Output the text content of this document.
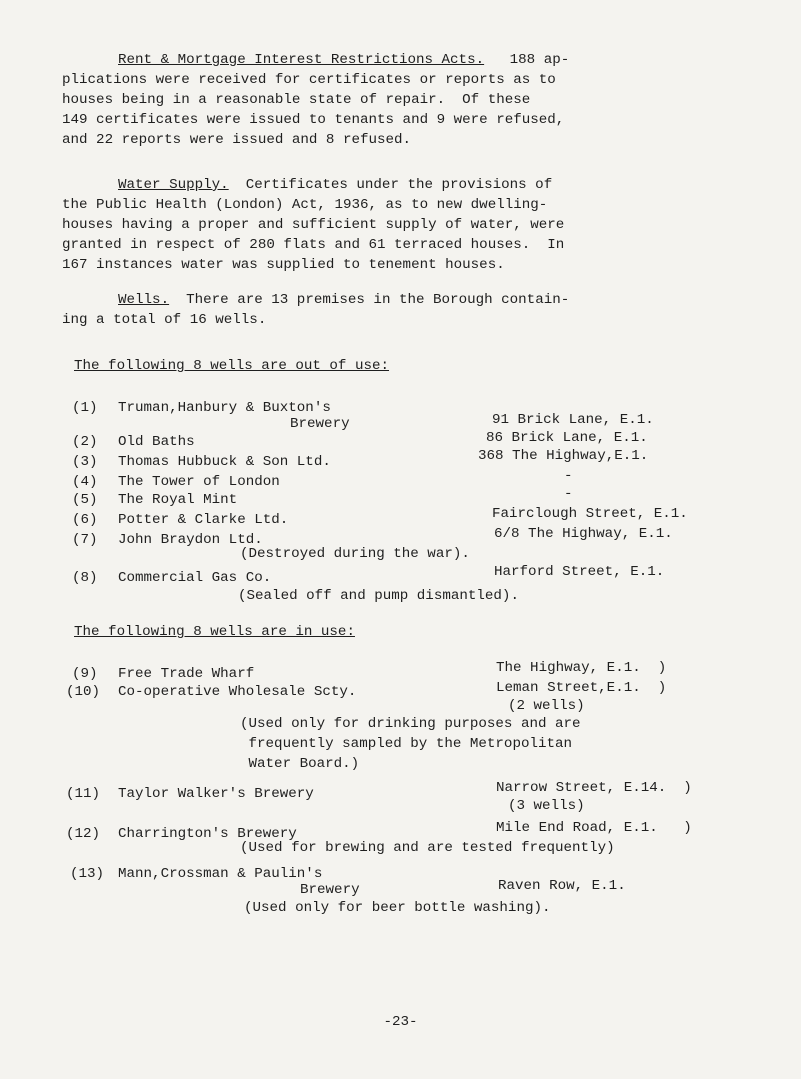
Rent & Mortgage Interest Restrictions Acts. 188 ap-
plications were received for certificates or reports as to
houses being in a reasonable state of repair.  Of these
149 certificates were issued to tenants and 9 were refused,
and 22 reports were issued and 8 refused.
Water Supply.  Certificates under the provisions of
the Public Health (London) Act, 1936, as to new dwelling-
houses having a proper and sufficient supply of water, were
granted in respect of 280 flats and 61 terraced houses.  In
167 instances water was supplied to tenement houses.
Wells.  There are 13 premises in the Borough contain-
ing a total of 16 wells.
The following 8 wells are out of use:
(1) Truman,Hanbury & Buxton's
Brewery	91 Brick Lane, E.1.
(2) Old Baths	86 Brick Lane, E.1.
(3) Thomas Hubbuck & Son Ltd.	368 The Highway,E.1.
(4) The Tower of London	-
(5) The Royal Mint	-
(6) Potter & Clarke Ltd.	Fairclough Street, E.1.
(7) John Braydon Ltd.	6/8 The Highway, E.1.
(Destroyed during the war).
(8) Commercial Gas Co.	Harford Street, E.1.
(Sealed off and pump dismantled).
The following 8 wells are in use:
(9) Free Trade Wharf	The Highway, E.1.  )
(10) Co-operative Wholesale Scty.	Leman Street,E.1.  )
(2 wells)
(Used only for drinking purposes and are
frequently sampled by the Metropolitan
Water Board.)
(11) Taylor Walker's Brewery	Narrow Street, E.14.  )
(3 wells)
(12) Charrington's Brewery	Mile End Road, E.1.   )
(Used for brewing and are tested frequently)
(13) Mann,Crossman & Paulin's
Brewery	Raven Row, E.1.
(Used only for beer bottle washing).
-23-
